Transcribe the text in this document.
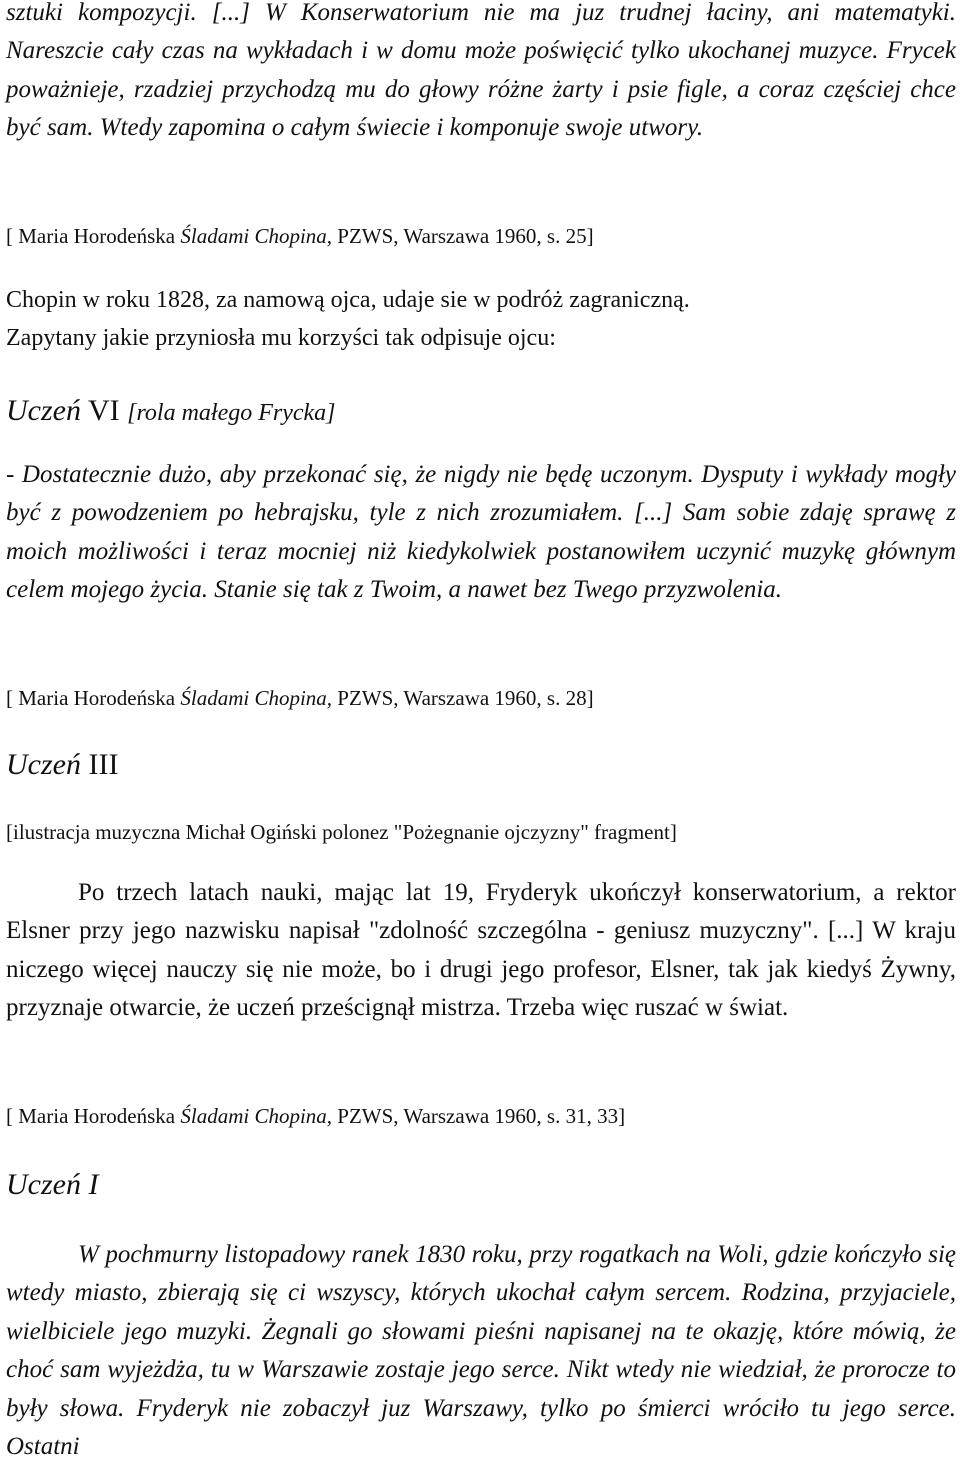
sztuki kompozycji. [...] W Konserwatorium nie ma juz trudnej łaciny, ani matematyki. Nareszcie cały czas na wykładach i w domu może poświęcić tylko ukochanej muzyce. Frycek poważnieje, rzadziej przychodzą mu do głowy różne żarty i psie figle, a coraz częściej chce być sam. Wtedy zapomina o całym świecie i komponuje swoje utwory.

[ Maria Horodeńska Śladami Chopina, PZWS, Warszawa 1960, s. 25]

Chopin w roku 1828, za namową ojca, udaje sie w podróż zagraniczną.

Zapytany jakie przyniosła mu korzyści tak odpisuje ojcu:

Uczeń VI [rola małego Frycka]

- Dostatecznie dużo, aby przekonać się, że nigdy nie będę uczonym. Dysputy i wykłady mogły być z powodzeniem po hebrajsku, tyle z nich zrozumiałem. [...] Sam sobie zdaję sprawę z moich możliwości i teraz mocniej niż kiedykolwiek postanowiłem uczynić muzykę głównym celem mojego życia. Stanie się tak z Twoim, a nawet bez Twego przyzwolenia.

[ Maria Horodeńska Śladami Chopina, PZWS, Warszawa 1960, s. 28]

Uczeń III

[ilustracja muzyczna Michał Ogiński polonez "Pożegnanie ojczyzny" fragment]

Po trzech latach nauki, mając lat 19, Fryderyk ukończył konserwatorium, a rektor Elsner przy jego nazwisku napisał "zdolność szczególna - geniusz muzyczny". [...] W kraju niczego więcej nauczy się nie może, bo i drugi jego profesor, Elsner, tak jak kiedyś Żywny, przyznaje otwarcie, że uczeń prześcignął mistrza. Trzeba więc ruszać w świat.

[ Maria Horodeńska Śladami Chopina, PZWS, Warszawa 1960, s. 31, 33]

Uczeń I

W pochmurny listopadowy ranek 1830 roku, przy rogatkach na Woli, gdzie kończyło się wtedy miasto, zbierają się ci wszyscy, których ukochał całym sercem. Rodzina, przyjaciele, wielbiciele jego muzyki. Żegnali go słowami pieśni napisanej na te okazję, które mówią, że choć sam wyjeżdża, tu w Warszawie zostaje jego serce. Nikt wtedy nie wiedział, że prorocze to były słowa. Fryderyk nie zobaczył juz Warszawy, tylko po śmierci wróciło tu jego serce. Ostatni
